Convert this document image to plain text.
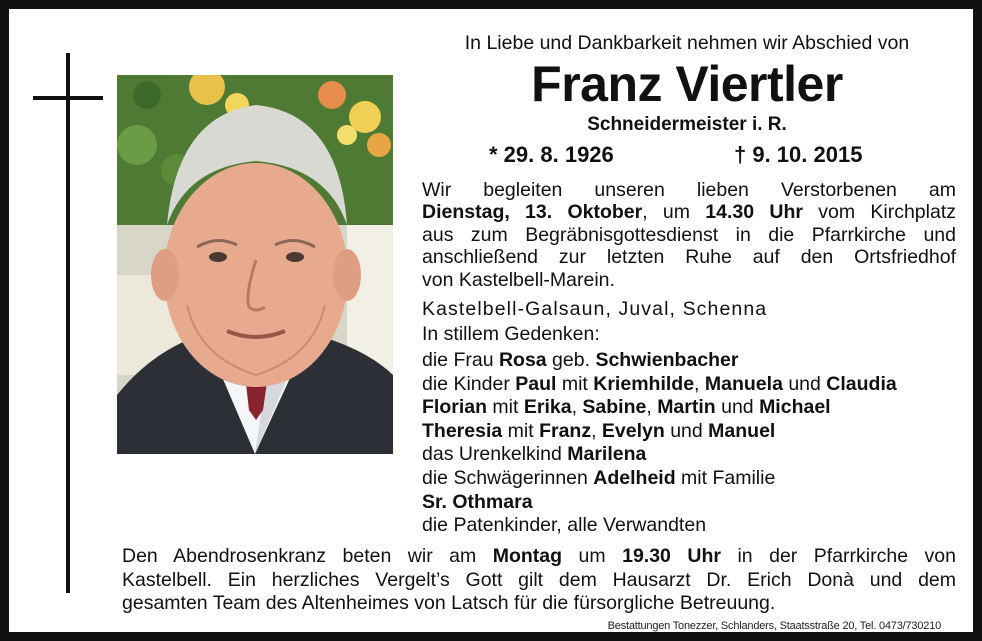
In Liebe und Dankbarkeit nehmen wir Abschied von
Franz Viertler
Schneidermeister i. R.
* 29. 8. 1926	† 9. 10. 2015
Wir begleiten unseren lieben Verstorbenen am
Dienstag, 13. Oktober, um 14.30 Uhr vom Kirchplatz
aus zum Begräbnisgottesdienst in die Pfarrkirche und
anschließend zur letzten Ruhe auf den Ortsfriedhof
von Kastelbell-Marein.
Kastelbell-Galsaun, Juval, Schenna
In stillem Gedenken:
die Frau Rosa geb. Schwienbacher
die Kinder Paul mit Kriemhilde, Manuela und Claudia
Florian mit Erika, Sabine, Martin und Michael
Theresia mit Franz, Evelyn und Manuel
das Urenkelkind Marilena
die Schwägerinnen Adelheid mit Familie
Sr. Othmara
die Patenkinder, alle Verwandten
Den Abendrosenkranz beten wir am Montag um 19.30 Uhr in der Pfarrkirche von
Kastelbell. Ein herzliches Vergelt’s Gott gilt dem Hausarzt Dr. Erich Donà und dem
gesamten Team des Altenheimes von Latsch für die fürsorgliche Betreuung.
Bestattungen Tonezzer, Schlanders, Staatsstraße 20, Tel. 0473/730210
